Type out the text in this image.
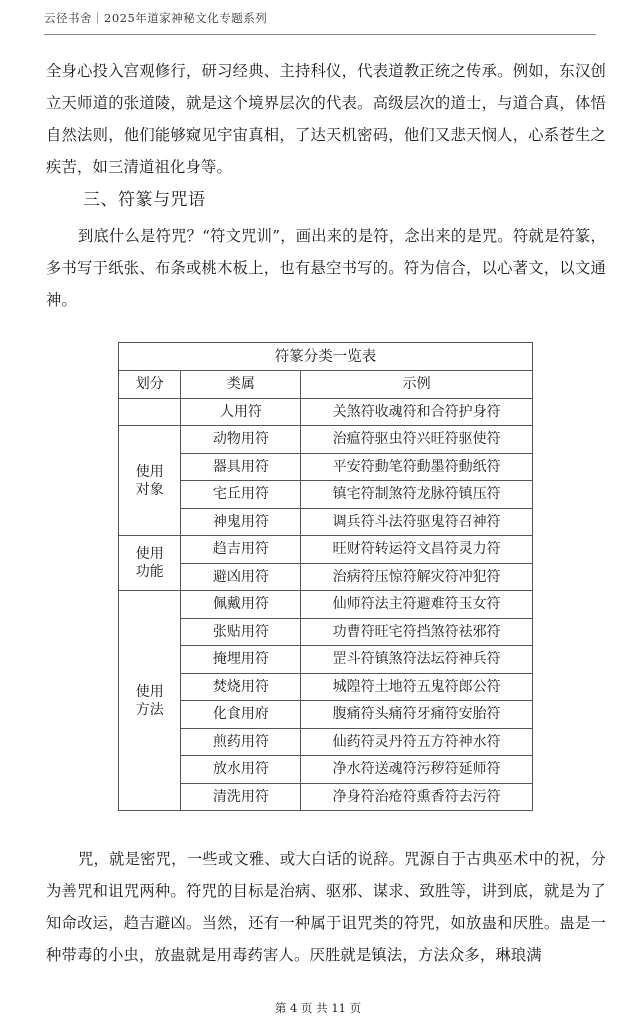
云径书舍｜2025年道家神秘文化专题系列

全身心投入宫观修行，研习经典、主持科仪，代表道教正统之传承。例如，东汉创立天师道的张道陵，就是这个境界层次的代表。高级层次的道士，与道合真，体悟自然法则，他们能够窥见宇宙真相，了达天机密码，他们又悲天悯人，心系苍生之疾苦，如三清道祖化身等。

三、符篆与咒语

到底什么是符咒？“符文咒训”，画出来的是符，念出来的是咒。符就是符篆，多书写于纸张、布条或桃木板上，也有悬空书写的。符为信合，以心著文，以文通神。

符篆分类一览表		
划分	类属	示例
	人用符	关煞符收魂符和合符护身符
使用
对象	动物用符	治瘟符驱虫符兴旺符驱使符
	器具用符	平安符動笔符動墨符動纸符
	宅丘用符	镇宅符制煞符龙脉符镇压符
	神鬼用符	调兵符斗法符驱鬼符召神符
使用
功能	趋吉用符	旺财符转运符文昌符灵力符
	避凶用符	治病符压惊符解灾符冲犯符
使用
方法	佩戴用符	仙师符法主符避难符玉女符
	张贴用符	功曹符旺宅符挡煞符祛邪符
	掩埋用符	罡斗符镇煞符法坛符神兵符
	焚烧用符	城隍符土地符五鬼符郎公符
	化食用府	腹痛符头痛符牙痛符安胎符
	煎药用符	仙药符灵丹符五方符神水符
	放水用符	净水符送魂符污秽符延师符
	清洗用符	净身符治疮符熏香符去污符

咒，就是密咒，一些或文雅、或大白话的说辞。咒源自于古典巫术中的祝，分为善咒和诅咒两种。符咒的目标是治病、驱邪、谋求、致胜等，讲到底，就是为了知命改运，趋吉避凶。当然，还有一种属于诅咒类的符咒，如放蛊和厌胜。蛊是一种带毒的小虫，放蛊就是用毒药害人。厌胜就是镇法，方法众多，琳琅满

第 4 页 共 11 页
